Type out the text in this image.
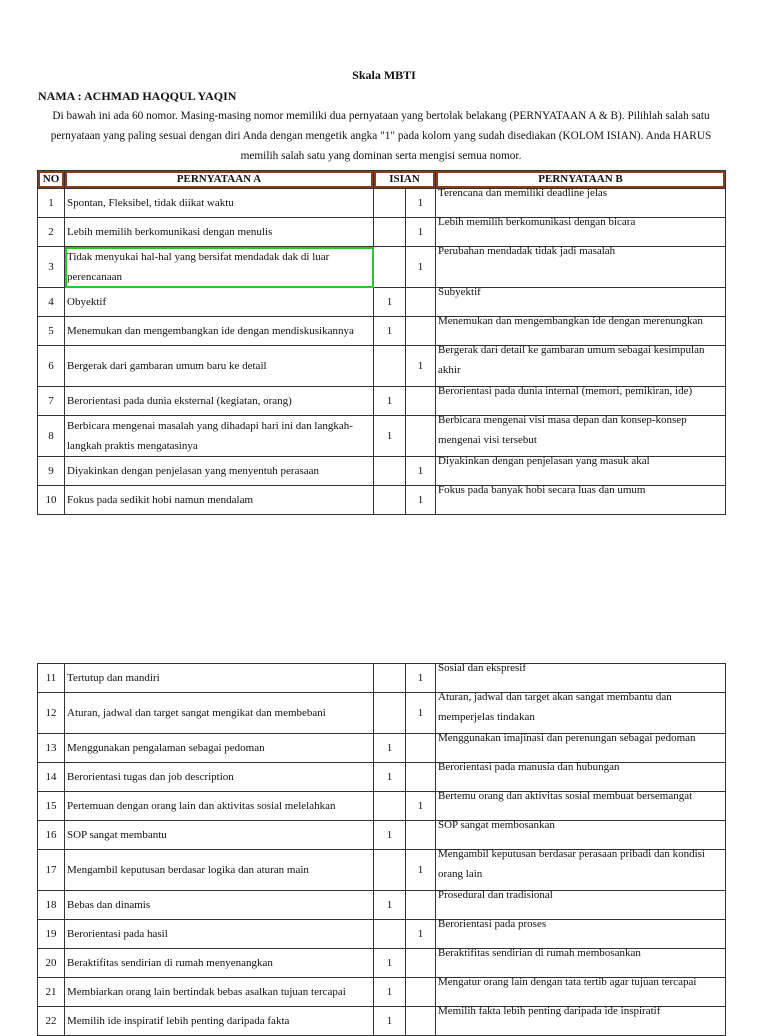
Skala MBTI
NAMA : ACHMAD HAQQUL YAQIN
Di bawah ini ada 60 nomor. Masing-masing nomor memiliki dua pernyataan yang bertolak belakang (PERNYATAAN A & B). Pilihlah salah satu pernyataan yang paling sesuai dengan diri Anda dengan mengetik angka "1" pada kolom yang sudah disediakan (KOLOM ISIAN). Anda HARUS memilih salah satu yang dominan serta mengisi semua nomor.
NO	PERNYATAAN A	ISIAN		PERNYATAAN B

1	Spontan, Fleksibel, tidak diikat waktu		1	Terencana dan memiliki deadline jelas
2	Lebih memilih berkomunikasi dengan menulis		1	Lebih memilih berkomunikasi dengan bicara
3	Tidak menyukai hal-hal yang bersifat mendadak dak di luar perencanaan		1	Perubahan mendadak tidak jadi masalah
4	Obyektif	1		Subyektif
5	Menemukan dan mengembangkan ide dengan mendiskusikannya	1		Menemukan dan mengembangkan ide dengan merenungkan
6	Bergerak dari gambaran umum baru ke detail		1	Bergerak dari detail ke gambaran umum sebagai kesimpulan akhir
7	Berorientasi pada dunia eksternal (kegiatan, orang)	1		Berorientasi pada dunia internal (memori, pemikiran, ide)
8	Berbicara mengenai masalah yang dihadapi hari ini dan langkah-langkah praktis mengatasinya	1		Berbicara mengenai visi masa depan dan konsep-konsep mengenai visi tersebut
9	Diyakinkan dengan penjelasan yang menyentuh perasaan		1	Diyakinkan dengan penjelasan yang masuk akal
10	Fokus pada sedikit hobi namun mendalam		1	Fokus pada banyak hobi secara luas dan umum
11	Tertutup dan mandiri		1	Sosial dan ekspresif
12	Aturan, jadwal dan target sangat mengikat dan membebani		1	Aturan, jadwal dan target akan sangat membantu dan memperjelas tindakan
13	Menggunakan pengalaman sebagai pedoman	1		Menggunakan imajinasi dan perenungan sebagai pedoman
14	Berorientasi tugas dan job description	1		Berorientasi pada manusia dan hubungan
15	Pertemuan dengan orang lain dan aktivitas sosial melelahkan		1	Bertemu orang dan aktivitas sosial membuat bersemangat
16	SOP sangat membantu	1		SOP sangat membosankan
17	Mengambil keputusan berdasar logika dan aturan main		1	Mengambil keputusan berdasar perasaan pribadi dan kondisi orang lain
18	Bebas dan dinamis	1		Prosedural dan tradisional
19	Berorientasi pada hasil		1	Berorientasi pada proses
20	Beraktifitas sendirian di rumah menyenangkan	1		Beraktifitas sendirian di rumah membosankan
21	Membiarkan orang lain bertindak bebas asalkan tujuan tercapai	1		Mengatur orang lain dengan tata tertib agar tujuan tercapai
22	Memilih ide inspiratif lebih penting daripada fakta	1		Memilih fakta lebih penting daripada ide inspiratif
